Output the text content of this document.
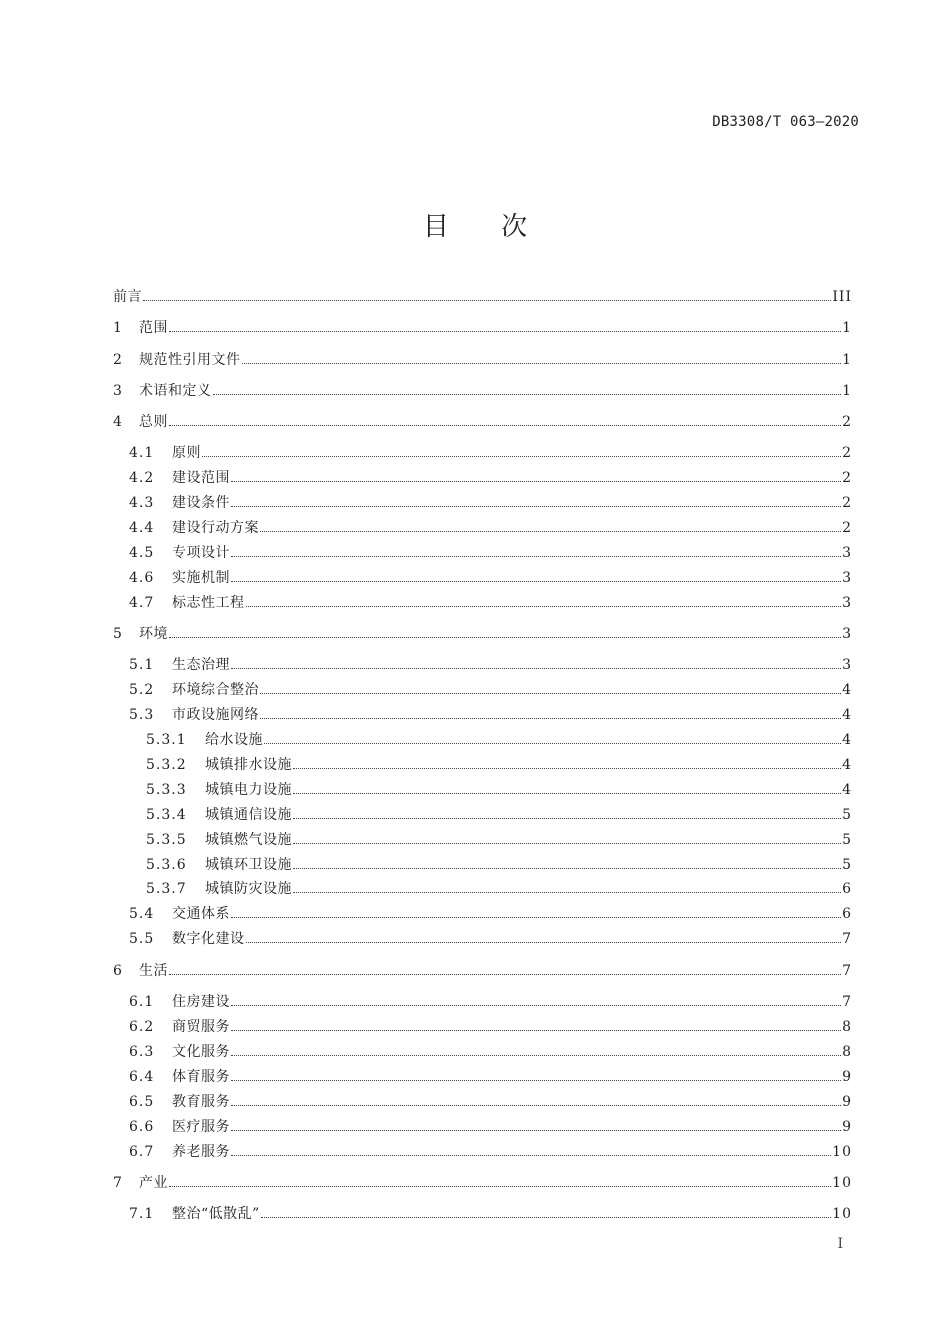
DB3308/T 063—2020
目 次
前言	III
1	范围	1
2	规范性引用文件	1
3	术语和定义	1
4	总则	2
4.1	原则	2
4.2	建设范围	2
4.3	建设条件	2
4.4	建设行动方案	2
4.5	专项设计	3
4.6	实施机制	3
4.7	标志性工程	3
5	环境	3
5.1	生态治理	3
5.2	环境综合整治	4
5.3	市政设施网络	4
5.3.1	给水设施	4
5.3.2	城镇排水设施	4
5.3.3	城镇电力设施	4
5.3.4	城镇通信设施	5
5.3.5	城镇燃气设施	5
5.3.6	城镇环卫设施	5
5.3.7	城镇防灾设施	6
5.4	交通体系	6
5.5	数字化建设	7
6	生活	7
6.1	住房建设	7
6.2	商贸服务	8
6.3	文化服务	8
6.4	体育服务	9
6.5	教育服务	9
6.6	医疗服务	9
6.7	养老服务	10
7	产业	10
7.1	整治“低散乱”	10
I
